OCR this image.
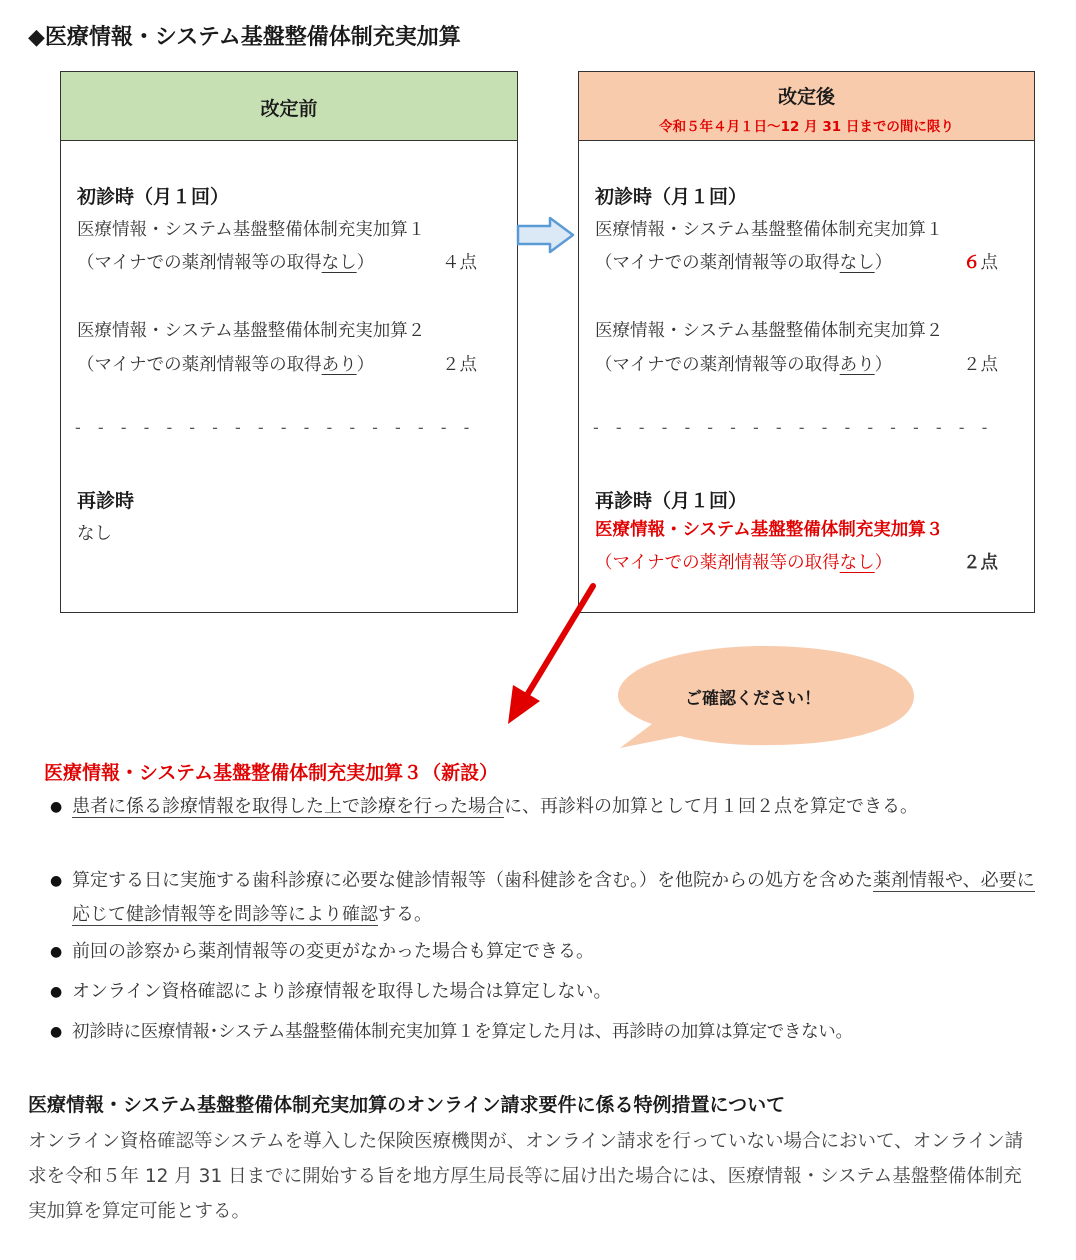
◆医療情報・システム基盤整備体制充実加算
改定前
初診時（月１回）
医療情報・システム基盤整備体制充実加算１
（マイナでの薬剤情報等の取得なし）	４点
医療情報・システム基盤整備体制充実加算２
（マイナでの薬剤情報等の取得あり）	２点
- - - - - - - - - - - - - - - - - -
再診時
なし
改定後
令和５年４月１日～12 月 31 日までの間に限り
初診時（月１回）
医療情報・システム基盤整備体制充実加算１
（マイナでの薬剤情報等の取得なし）	６点
医療情報・システム基盤整備体制充実加算２
（マイナでの薬剤情報等の取得あり）	２点
- - - - - - - - - - - - - - - - - -
再診時（月１回）
医療情報・システム基盤整備体制充実加算３
（マイナでの薬剤情報等の取得なし）	２点
ご確認ください！
医療情報・システム基盤整備体制充実加算３（新設）
● 患者に係る診療情報を取得した上で診療を行った場合に、再診料の加算として月１回２点を算定できる。
● 算定する日に実施する歯科診療に必要な健診情報等（歯科健診を含む。）を他院からの処方を含めた薬剤情報や、必要に応じて健診情報等を問診等により確認する。
● 前回の診察から薬剤情報等の変更がなかった場合も算定できる。
● オンライン資格確認により診療情報を取得した場合は算定しない。
● 初診時に医療情報･システム基盤整備体制充実加算１を算定した月は、再診時の加算は算定できない。
医療情報・システム基盤整備体制充実加算のオンライン請求要件に係る特例措置について
オンライン資格確認等システムを導入した保険医療機関が、オンライン請求を行っていない場合において、オンライン請求を令和５年 12 月 31 日までに開始する旨を地方厚生局長等に届け出た場合には、医療情報・システム基盤整備体制充実加算を算定可能とする。
